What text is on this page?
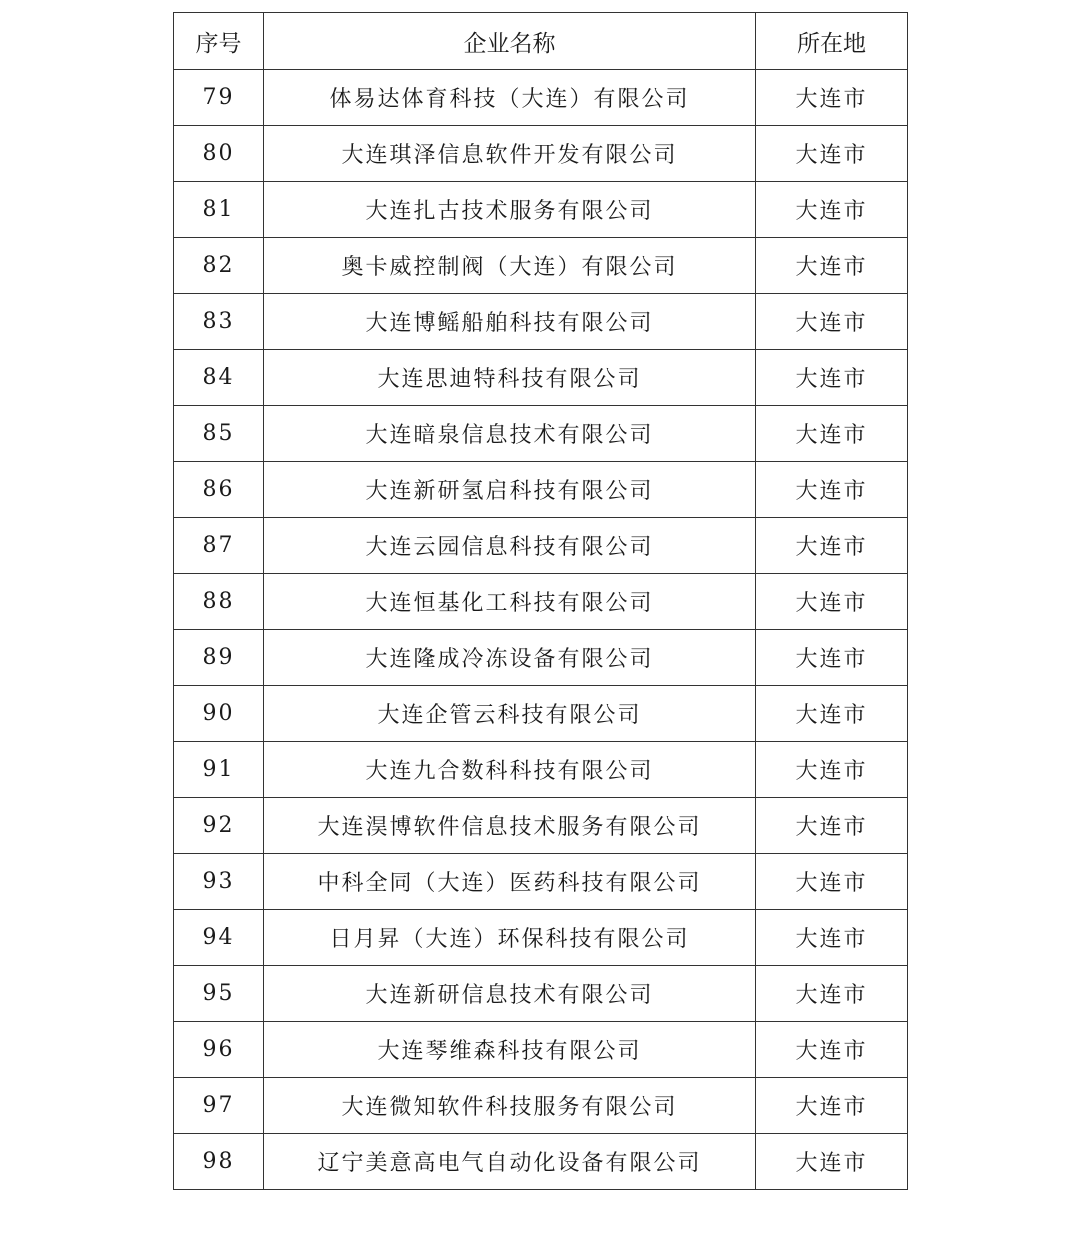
序号	企业名称	所在地
79	体易达体育科技（大连）有限公司	大连市
80	大连琪泽信息软件开发有限公司	大连市
81	大连扎古技术服务有限公司	大连市
82	奥卡威控制阀（大连）有限公司	大连市
83	大连博鳐船舶科技有限公司	大连市
84	大连思迪特科技有限公司	大连市
85	大连暗泉信息技术有限公司	大连市
86	大连新研氢启科技有限公司	大连市
87	大连云园信息科技有限公司	大连市
88	大连恒基化工科技有限公司	大连市
89	大连隆成冷冻设备有限公司	大连市
90	大连企管云科技有限公司	大连市
91	大连九合数科科技有限公司	大连市
92	大连淏博软件信息技术服务有限公司	大连市
93	中科全同（大连）医药科技有限公司	大连市
94	日月昇（大连）环保科技有限公司	大连市
95	大连新研信息技术有限公司	大连市
96	大连琴维森科技有限公司	大连市
97	大连微知软件科技服务有限公司	大连市
98	辽宁美意高电气自动化设备有限公司	大连市
